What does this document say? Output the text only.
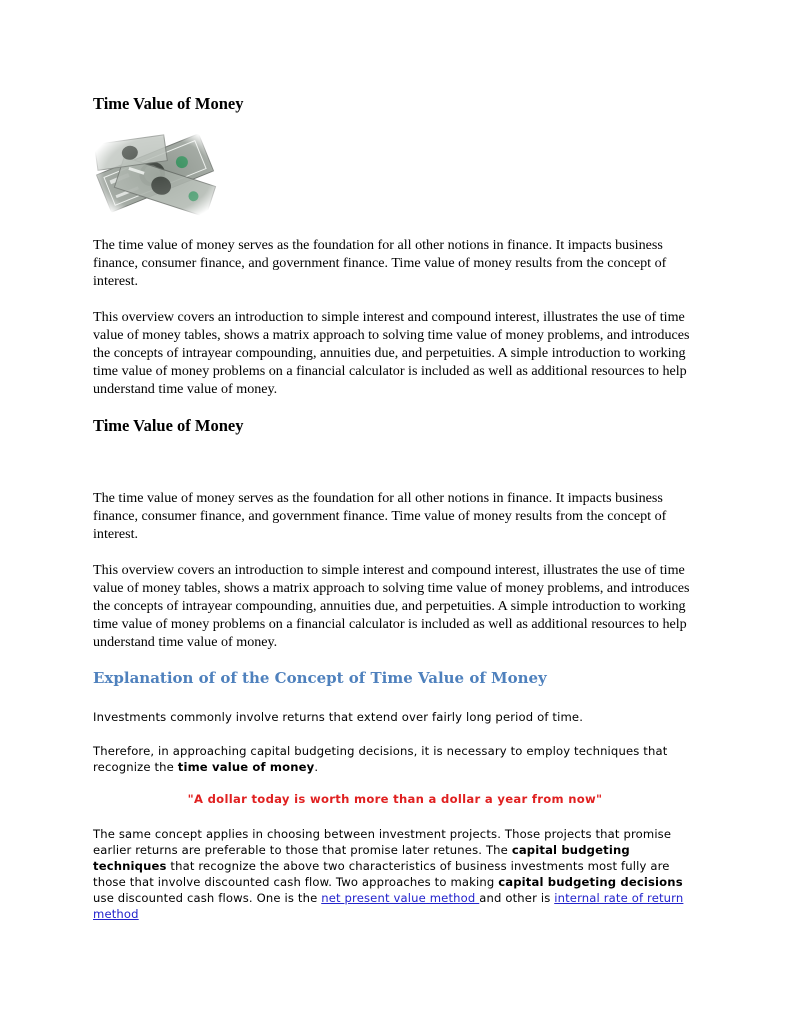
Time Value of Money

The time value of money serves as the foundation for all other notions in finance. It impacts business finance, consumer finance, and government finance. Time value of money results from the concept of interest.

This overview covers an introduction to simple interest and compound interest, illustrates the use of time value of money tables, shows a matrix approach to solving time value of money problems, and introduces the concepts of intrayear compounding, annuities due, and perpetuities. A simple introduction to working time value of money problems on a financial calculator is included as well as additional resources to help understand time value of money.

Time Value of Money

The time value of money serves as the foundation for all other notions in finance. It impacts business finance, consumer finance, and government finance. Time value of money results from the concept of interest.

This overview covers an introduction to simple interest and compound interest, illustrates the use of time value of money tables, shows a matrix approach to solving time value of money problems, and introduces the concepts of intrayear compounding, annuities due, and perpetuities. A simple introduction to working time value of money problems on a financial calculator is included as well as additional resources to help understand time value of money.

Explanation of of the Concept of Time Value of Money

Investments commonly involve returns that extend over fairly long period of time.

Therefore, in approaching capital budgeting decisions, it is necessary to employ techniques that recognize the time value of money.

"A dollar today is worth more than a dollar a year from now"

The same concept applies in choosing between investment projects. Those projects that promise earlier returns are preferable to those that promise later retunes. The capital budgeting techniques that recognize the above two characteristics of business investments most fully are those that involve discounted cash flow. Two approaches to making capital budgeting decisions use discounted cash flows. One is the net present value method and other is internal rate of return method
